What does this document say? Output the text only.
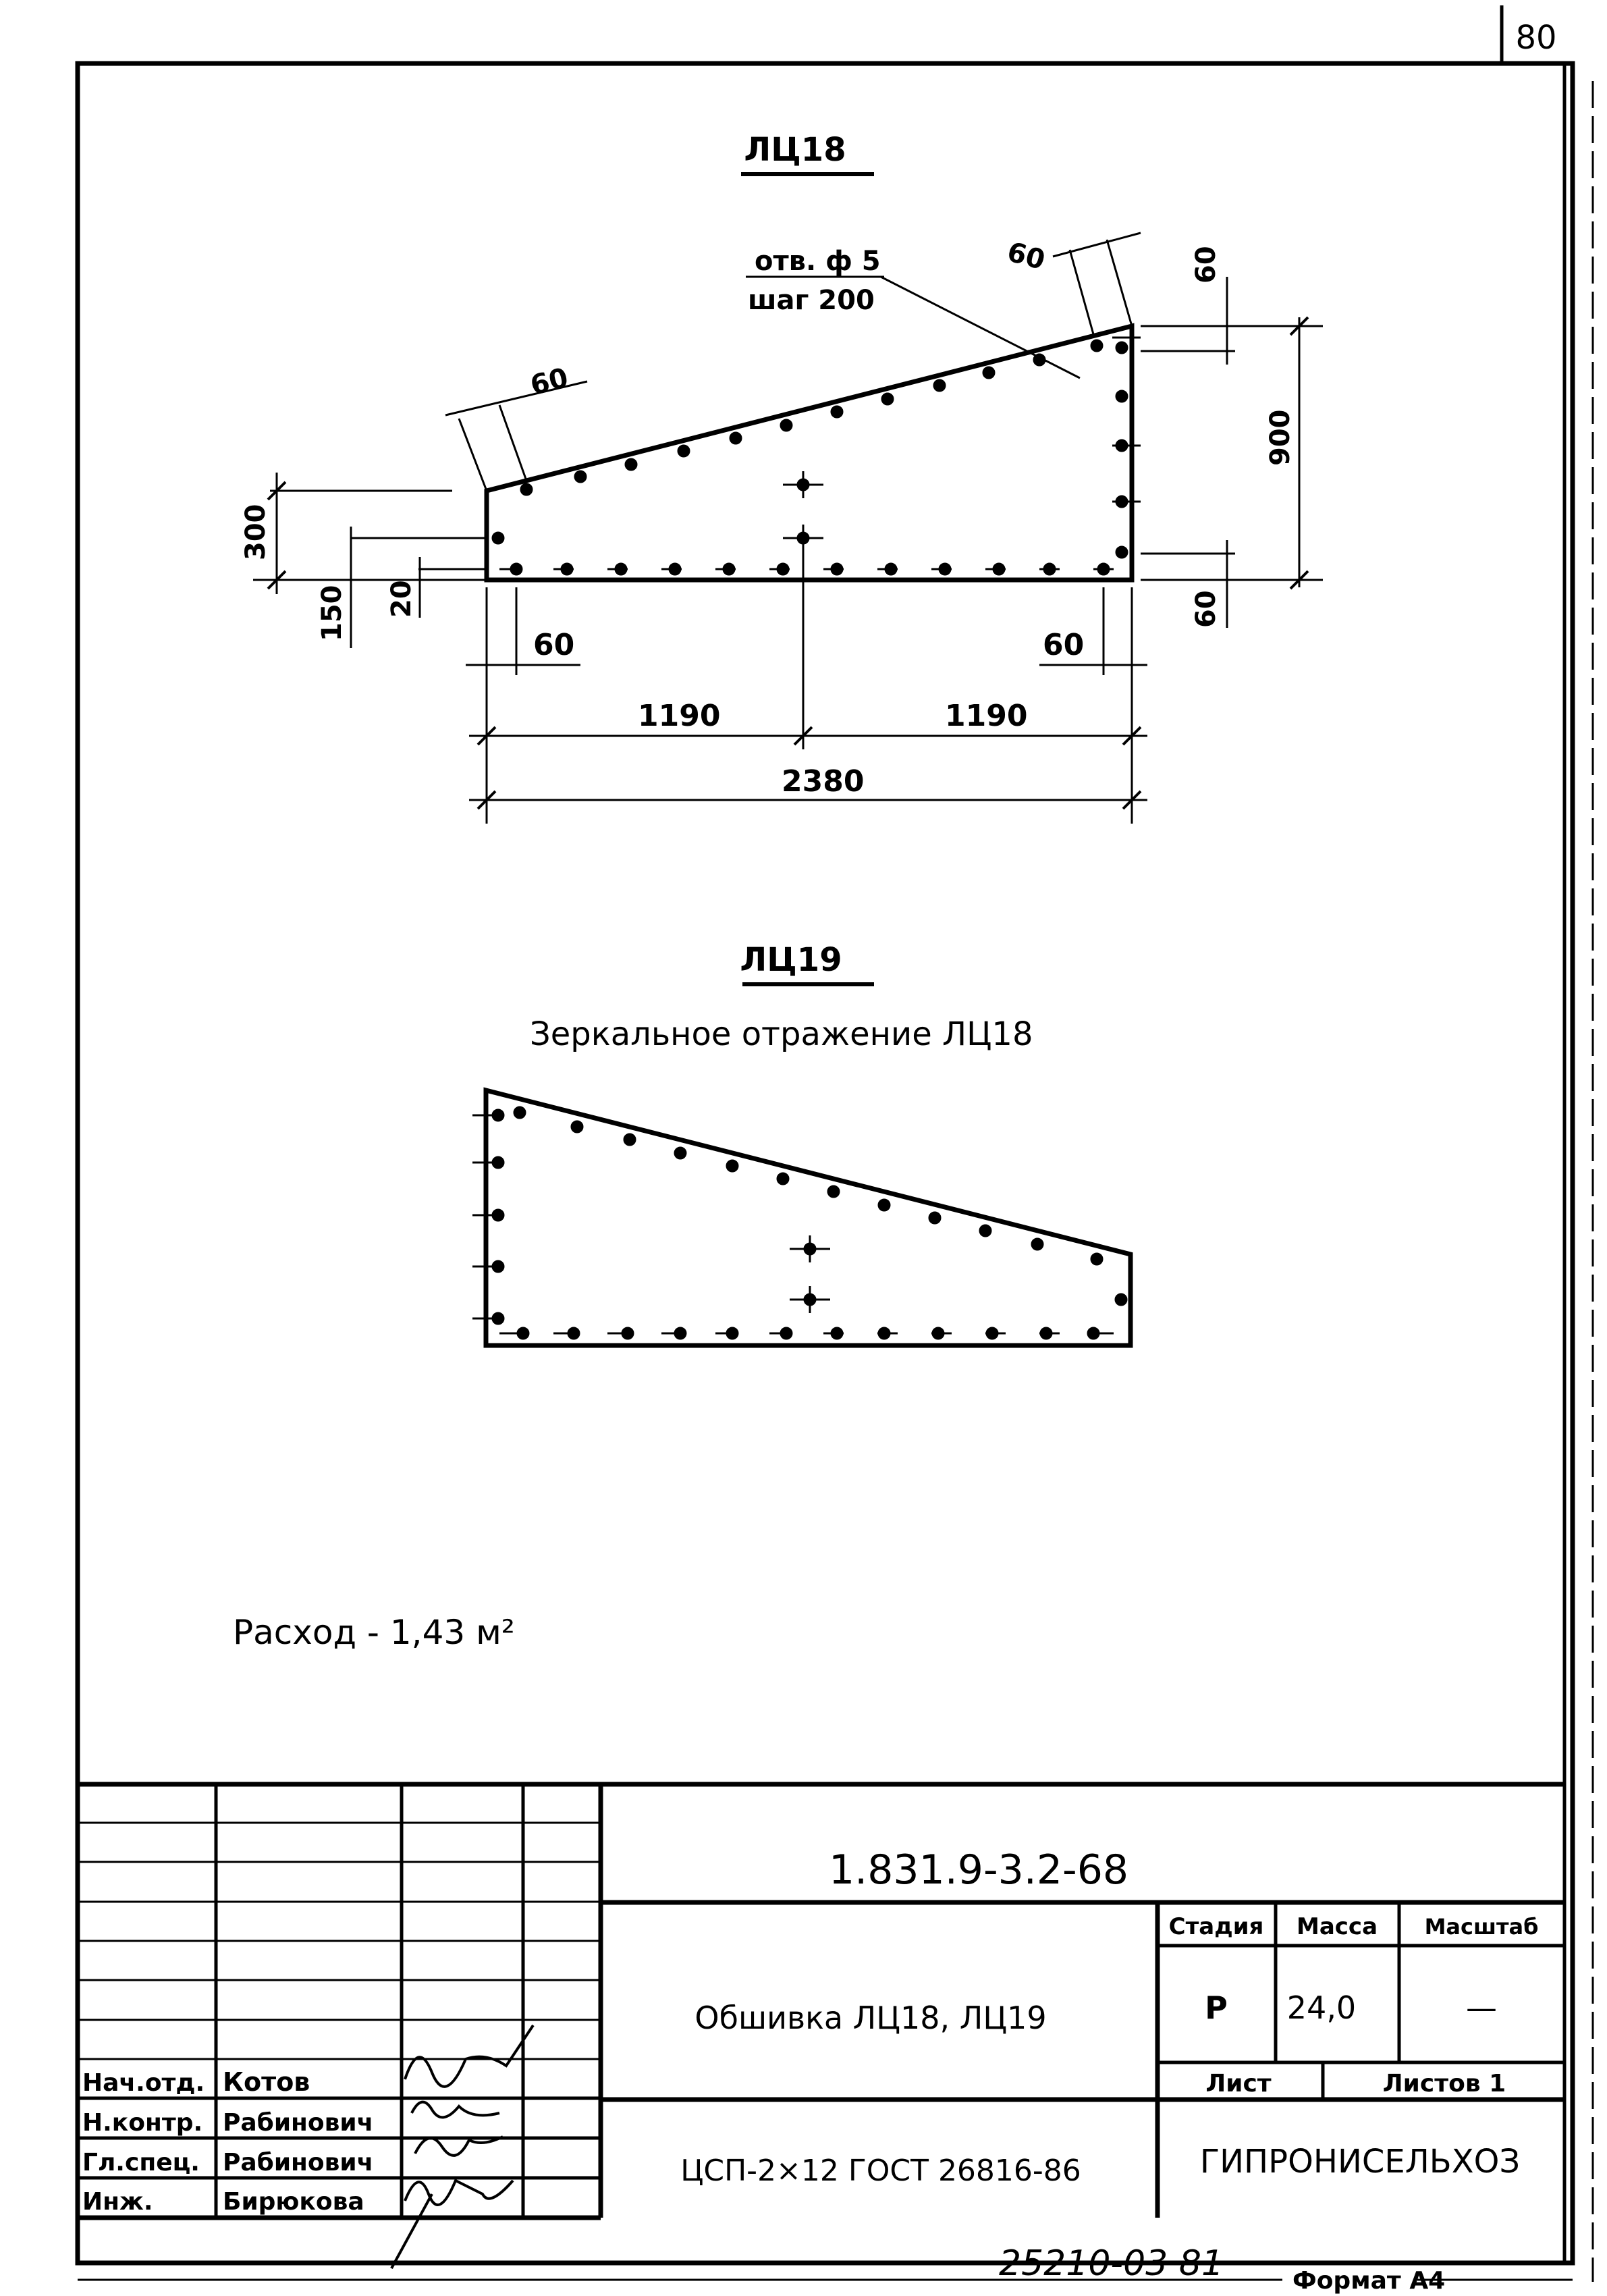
80
ЛЦ18
отв. ф 5
шаг 200
60
60	60
900
60
300
150 20
60	60
1190	1190
2380
ЛЦ19
Зеркальное отражение ЛЦ18
Расход - 1,43 м²
1.831.9-3.2-68
Обшивка ЛЦ18, ЛЦ19
ЦСП-2×12 ГОСТ 26816-86	ГИПРОНИСЕЛЬХОЗ
Стадия Масса Масштаб
Р 24,0	—
Лист	Листов 1
Нач.отд. Котов
Н.контр. Рабинович
Гл.спец. Рабинович
Инж.	Бирюкова
25210-03 81	Формат А4
